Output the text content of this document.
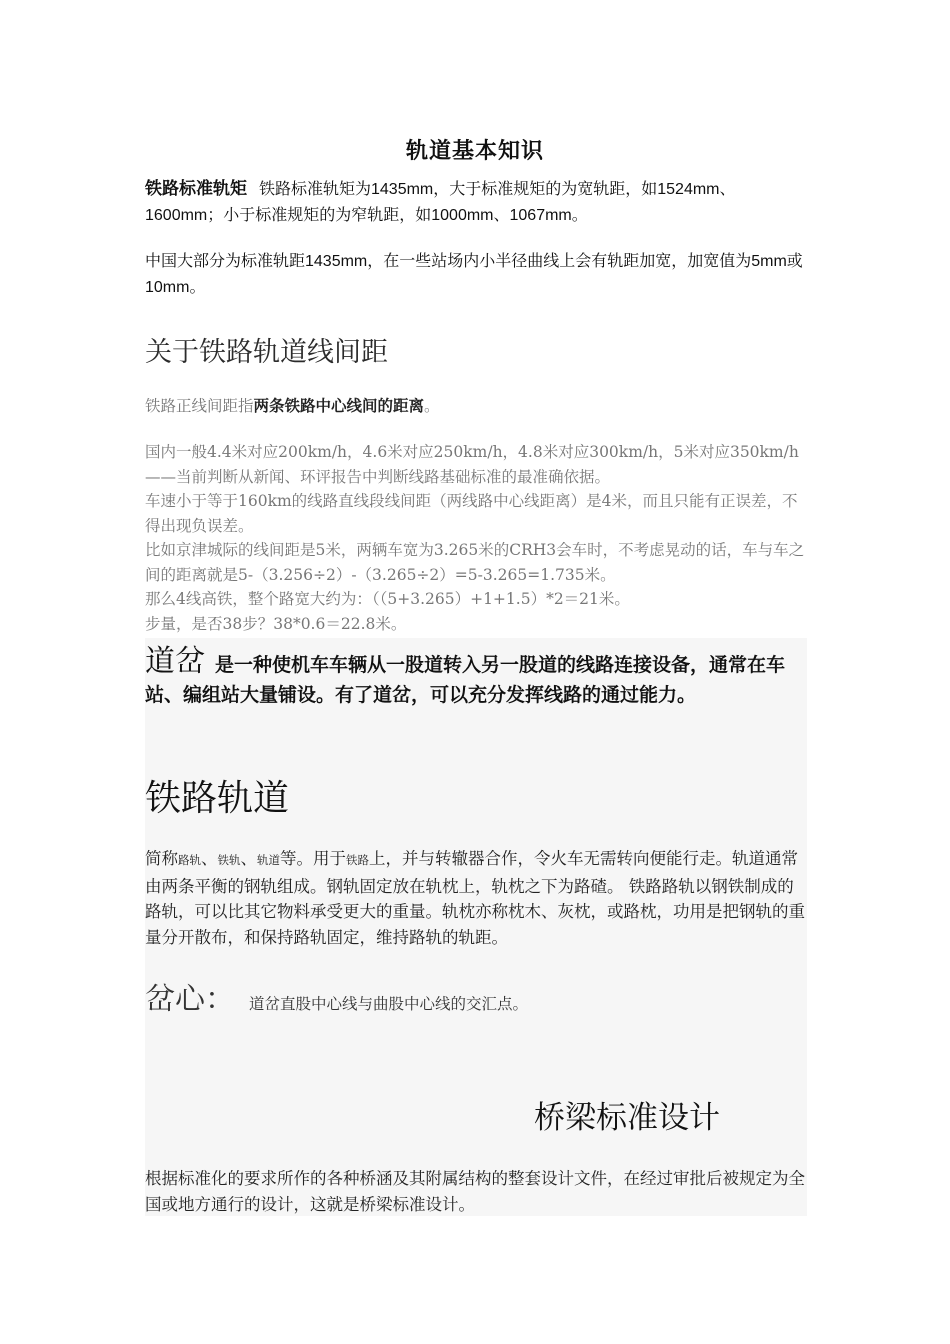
轨道基本知识
铁路标准轨矩 铁路标准轨矩为1435mm，大于标准规矩的为宽轨距，如1524mm、1600mm；小于标准规矩的为窄轨距，如1000mm、1067mm。
中国大部分为标准轨距1435mm，在一些站场内小半径曲线上会有轨距加宽，加宽值为5mm或10mm。
关于铁路轨道线间距
铁路正线间距指两条铁路中心线间的距离。
国内一般4.4米对应200km/h，4.6米对应250km/h，4.8米对应300km/h，5米对应350km/h——当前判断从新闻、环评报告中判断线路基础标准的最准确依据。
车速小于等于160km的线路直线段线间距（两线路中心线距离）是4米，而且只能有正误差，不得出现负误差。
比如京津城际的线间距是5米，两辆车宽为3.265米的CRH3会车时，不考虑晃动的话，车与车之间的距离就是5-（3.256÷2）-（3.265÷2）=5-3.265=1.735米。
那么4线高铁，整个路宽大约为：（（5+3.265）+1+1.5）*2＝21米。
步量，是否38步？38*0.6＝22.8米。
道岔 是一种使机车车辆从一股道转入另一股道的线路连接设备，通常在车站、编组站大量铺设。有了道岔，可以充分发挥线路的通过能力。
铁路轨道
简称路轨、铁轨、轨道等。用于铁路上，并与转辙器合作，令火车无需转向便能行走。轨道通常由两条平衡的钢轨组成。钢轨固定放在轨枕上，轨枕之下为路碴。 铁路路轨以钢铁制成的路轨，可以比其它物料承受更大的重量。轨枕亦称枕木、灰枕，或路枕，功用是把钢轨的重量分开散布，和保持路轨固定，维持路轨的轨距。
岔心： 道岔直股中心线与曲股中心线的交汇点。
桥梁标准设计
根据标准化的要求所作的各种桥涵及其附属结构的整套设计文件，在经过审批后被规定为全国或地方通行的设计，这就是桥梁标准设计。
